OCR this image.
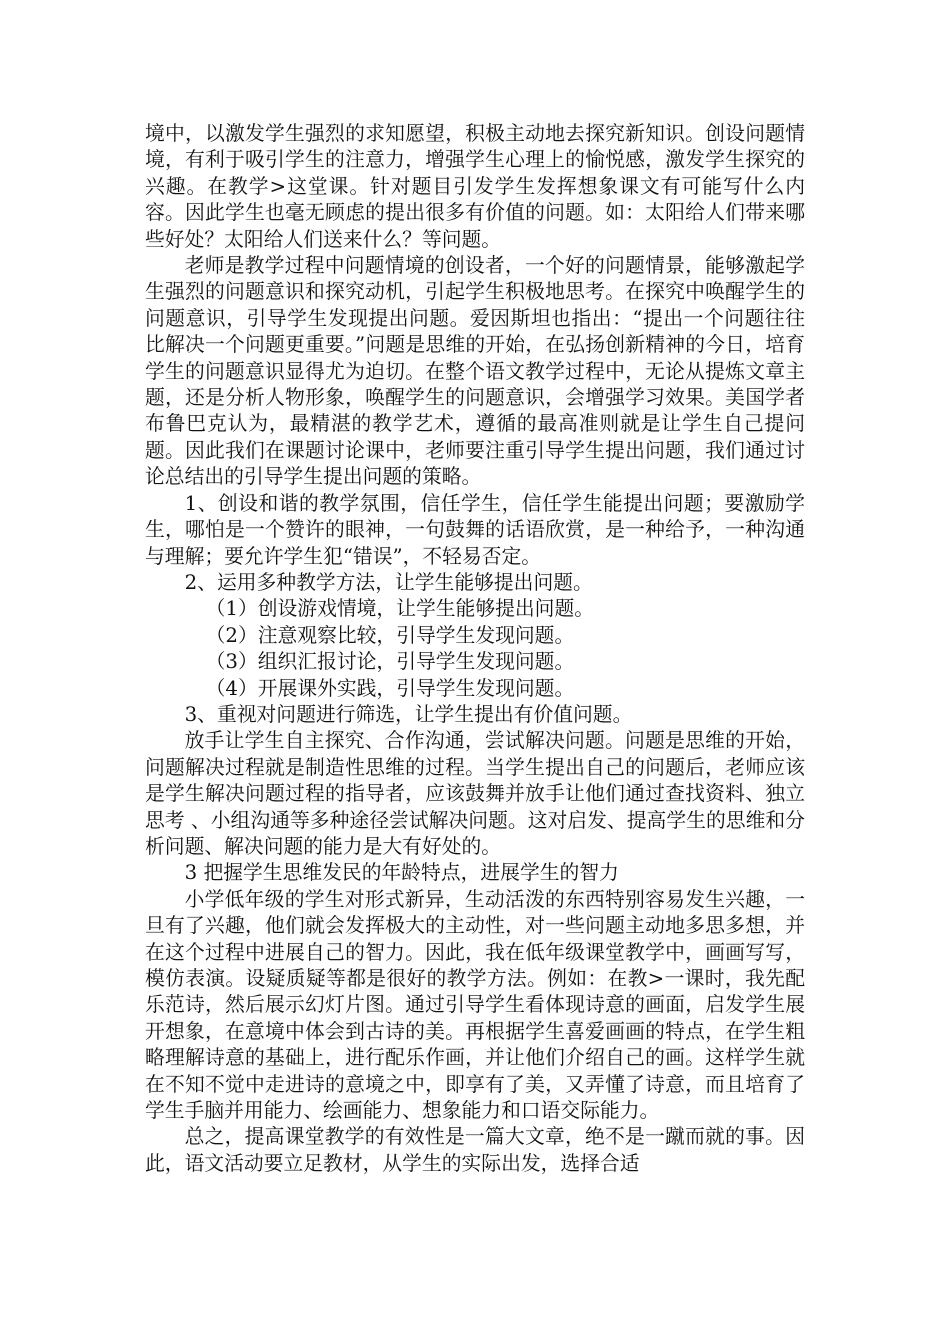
境中，以激发学生强烈的求知愿望，积极主动地去探究新知识。创设问题情境，有利于吸引学生的注意力，增强学生心理上的愉悦感，激发学生探究的兴趣。在教学>这堂课。针对题目引发学生发挥想象课文有可能写什么内容。因此学生也毫无顾虑的提出很多有价值的问题。如：太阳给人们带来哪些好处？太阳给人们送来什么？等问题。

老师是教学过程中问题情境的创设者，一个好的问题情景，能够激起学生强烈的问题意识和探究动机，引起学生积极地思考。在探究中唤醒学生的问题意识，引导学生发现提出问题。爱因斯坦也指出：“提出一个问题往往比解决一个问题更重要。”问题是思维的开始，在弘扬创新精神的今日，培育学生的问题意识显得尤为迫切。在整个语文教学过程中，无论从提炼文章主题，还是分析人物形象，唤醒学生的问题意识，会增强学习效果。美国学者布鲁巴克认为，最精湛的教学艺术，遵循的最高准则就是让学生自己提问题。因此我们在课题讨论课中，老师要注重引导学生提出问题，我们通过讨论总结出的引导学生提出问题的策略。

1、创设和谐的教学氛围，信任学生，信任学生能提出问题；要激励学生，哪怕是一个赞许的眼神，一句鼓舞的话语欣赏，是一种给予，一种沟通与理解；要允许学生犯“错误”，不轻易否定。

2、运用多种教学方法，让学生能够提出问题。

（1）创设游戏情境，让学生能够提出问题。

（2）注意观察比较，引导学生发现问题。

（3）组织汇报讨论，引导学生发现问题。

（4）开展课外实践，引导学生发现问题。

3、重视对问题进行筛选，让学生提出有价值问题。

放手让学生自主探究、合作沟通，尝试解决问题。问题是思维的开始，问题解决过程就是制造性思维的过程。当学生提出自己的问题后，老师应该是学生解决问题过程的指导者，应该鼓舞并放手让他们通过查找资料、独立思考 、小组沟通等多种途径尝试解决问题。这对启发、提高学生的思维和分析问题、解决问题的能力是大有好处的。

3 把握学生思维发民的年龄特点，进展学生的智力

小学低年级的学生对形式新异，生动活泼的东西特别容易发生兴趣，一旦有了兴趣，他们就会发挥极大的主动性，对一些问题主动地多思多想，并在这个过程中进展自己的智力。因此，我在低年级课堂教学中，画画写写，模仿表演。设疑质疑等都是很好的教学方法。例如：在教>一课时，我先配乐范诗，然后展示幻灯片图。通过引导学生看体现诗意的画面，启发学生展开想象，在意境中体会到古诗的美。再根据学生喜爱画画的特点，在学生粗略理解诗意的基础上，进行配乐作画，并让他们介绍自己的画。这样学生就在不知不觉中走进诗的意境之中，即享有了美，又弄懂了诗意，而且培育了学生手脑并用能力、绘画能力、想象能力和口语交际能力。

总之，提高课堂教学的有效性是一篇大文章，绝不是一蹴而就的事。因此，语文活动要立足教材，从学生的实际出发，选择合适
